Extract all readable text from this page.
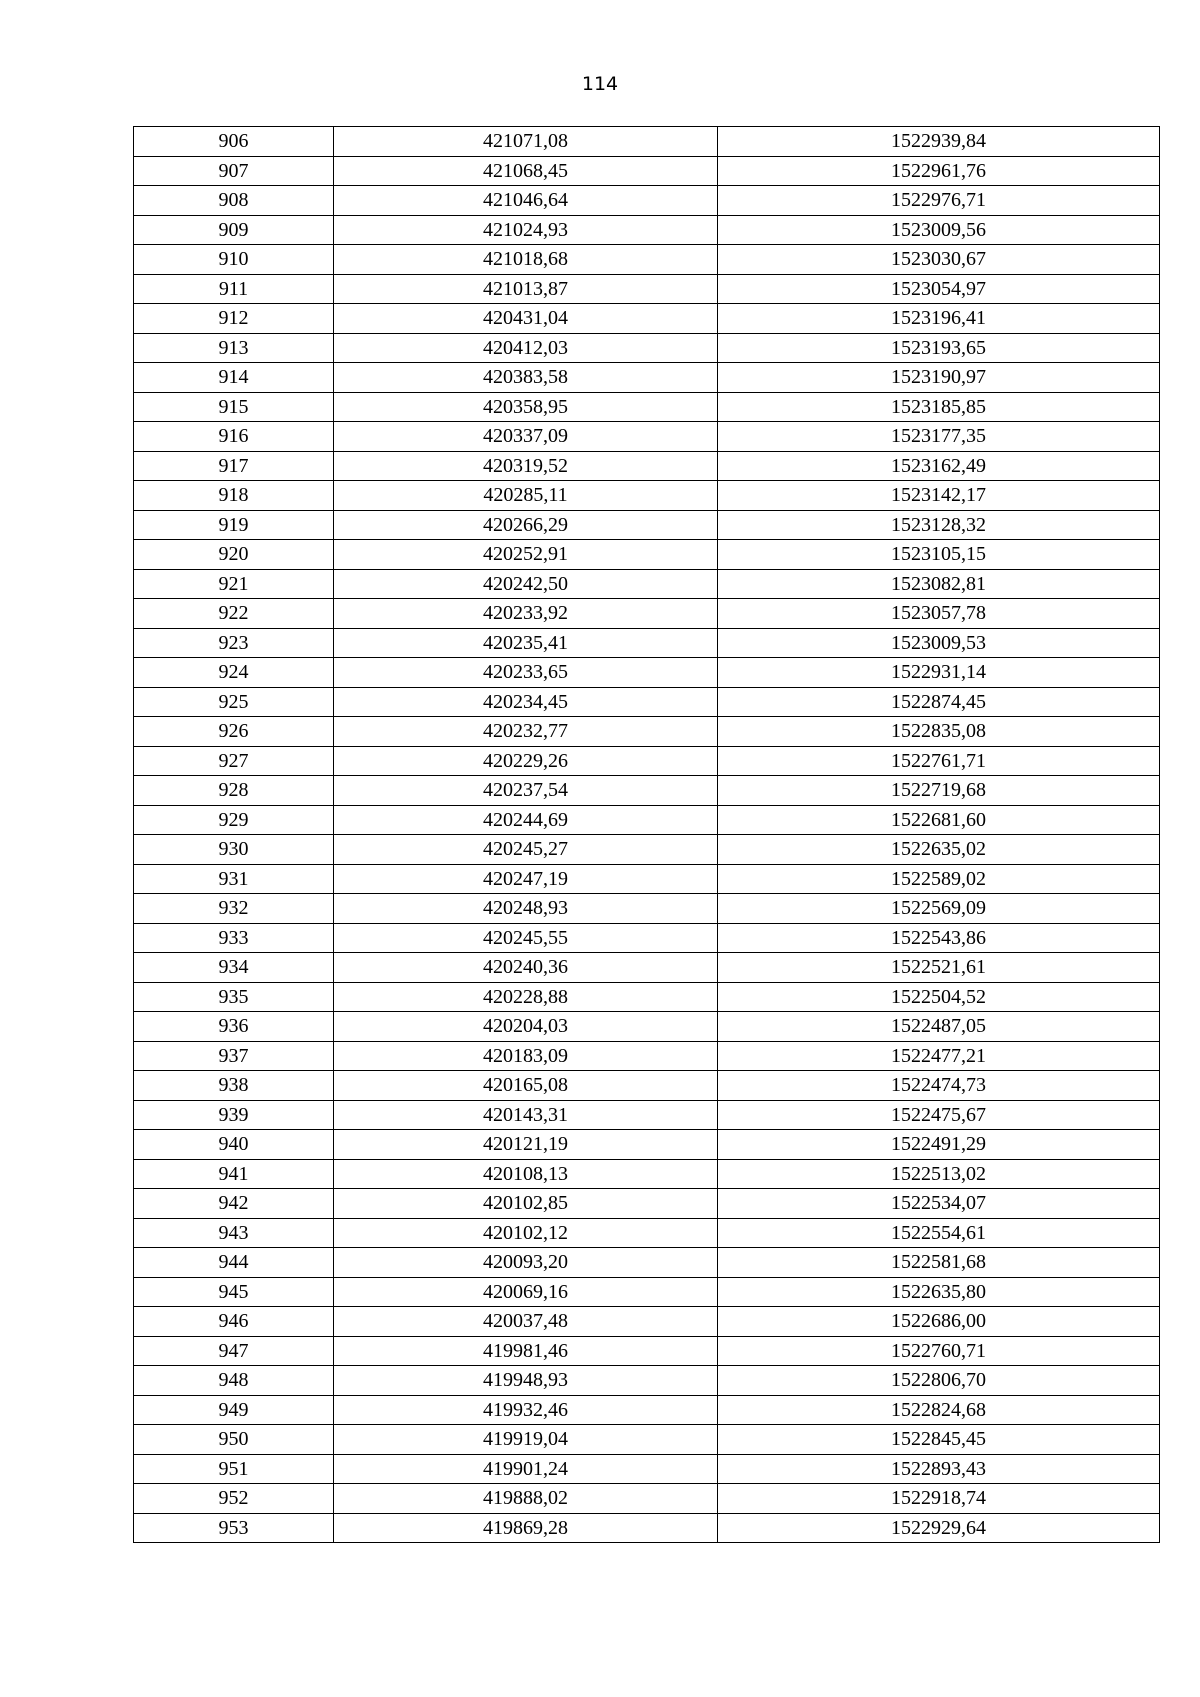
114
906	421071,08	1522939,84
907	421068,45	1522961,76
908	421046,64	1522976,71
909	421024,93	1523009,56
910	421018,68	1523030,67
911	421013,87	1523054,97
912	420431,04	1523196,41
913	420412,03	1523193,65
914	420383,58	1523190,97
915	420358,95	1523185,85
916	420337,09	1523177,35
917	420319,52	1523162,49
918	420285,11	1523142,17
919	420266,29	1523128,32
920	420252,91	1523105,15
921	420242,50	1523082,81
922	420233,92	1523057,78
923	420235,41	1523009,53
924	420233,65	1522931,14
925	420234,45	1522874,45
926	420232,77	1522835,08
927	420229,26	1522761,71
928	420237,54	1522719,68
929	420244,69	1522681,60
930	420245,27	1522635,02
931	420247,19	1522589,02
932	420248,93	1522569,09
933	420245,55	1522543,86
934	420240,36	1522521,61
935	420228,88	1522504,52
936	420204,03	1522487,05
937	420183,09	1522477,21
938	420165,08	1522474,73
939	420143,31	1522475,67
940	420121,19	1522491,29
941	420108,13	1522513,02
942	420102,85	1522534,07
943	420102,12	1522554,61
944	420093,20	1522581,68
945	420069,16	1522635,80
946	420037,48	1522686,00
947	419981,46	1522760,71
948	419948,93	1522806,70
949	419932,46	1522824,68
950	419919,04	1522845,45
951	419901,24	1522893,43
952	419888,02	1522918,74
953	419869,28	1522929,64
